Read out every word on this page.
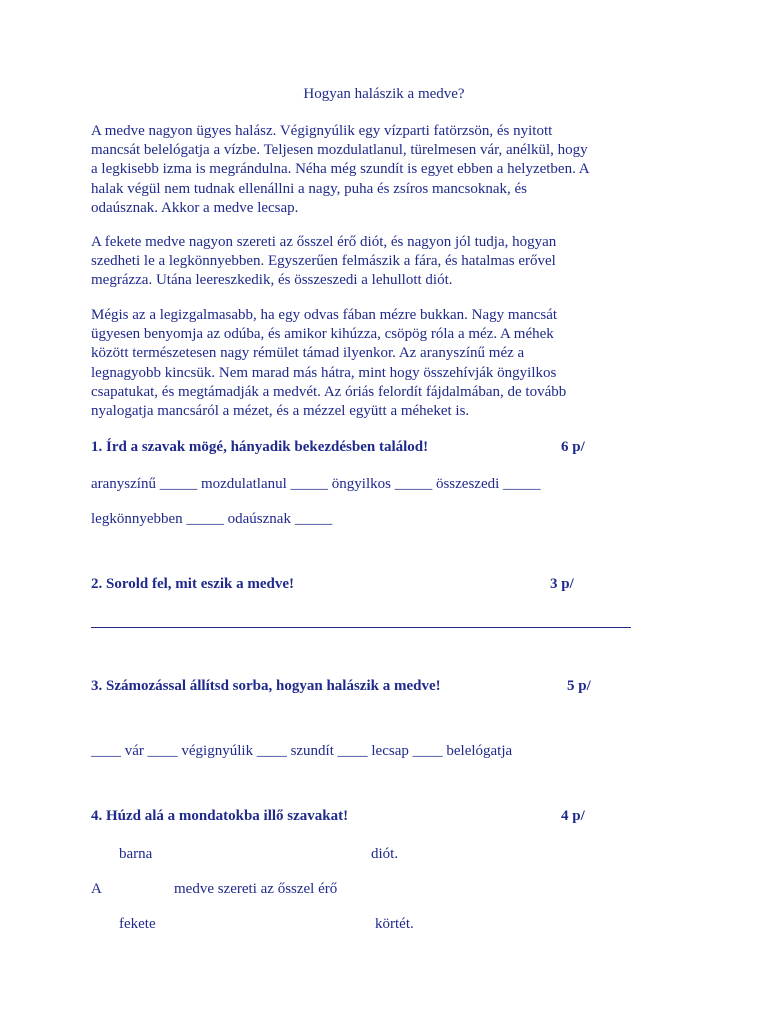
Hogyan halászik a medve?
A medve nagyon ügyes halász. Végignyúlik egy vízparti fatörzsön, és nyitott
mancsát belelógatja a vízbe. Teljesen mozdulatlanul, türelmesen vár, anélkül, hogy
a legkisebb izma is megrándulna. Néha még szundít is egyet ebben a helyzetben. A
halak végül nem tudnak ellenállni a nagy, puha és zsíros mancsoknak, és
odaúsznak. Akkor a medve lecsap.
A fekete medve nagyon szereti az ősszel érő diót, és nagyon jól tudja, hogyan
szedheti le a legkönnyebben. Egyszerűen felmászik a fára, és hatalmas erővel
megrázza. Utána leereszkedik, és összeszedi a lehullott diót.
Mégis az a legizgalmasabb, ha egy odvas fában mézre bukkan. Nagy mancsát
ügyesen benyomja az odúba, és amikor kihúzza, csöpög róla a méz. A méhek
között természetesen nagy rémület támad ilyenkor. Az aranyszínű méz a
legnagyobb kincsük. Nem marad más hátra, mint hogy összehívják öngyilkos
csapatukat, és megtámadják a medvét. Az óriás felordít fájdalmában, de tovább
nyalogatja mancsáról a mézet, és a mézzel együtt a méheket is.
1. Írd a szavak mögé, hányadik bekezdésben találod!	6 p/
aranyszínű _____ mozdulatlanul _____ öngyilkos _____ összeszedi _____
legkönnyebben _____ odaúsznak _____
2. Sorold fel, mit eszik a medve!	3 p/
3. Számozással állítsd sorba, hogyan halászik a medve!	5 p/
____ vár ____ végignyúlik ____ szundít ____ lecsap ____ belelógatja
4. Húzd alá a mondatokba illő szavakat!	4 p/
barna	diót.
A	medve szereti az ősszel érő
fekete	körtét.
